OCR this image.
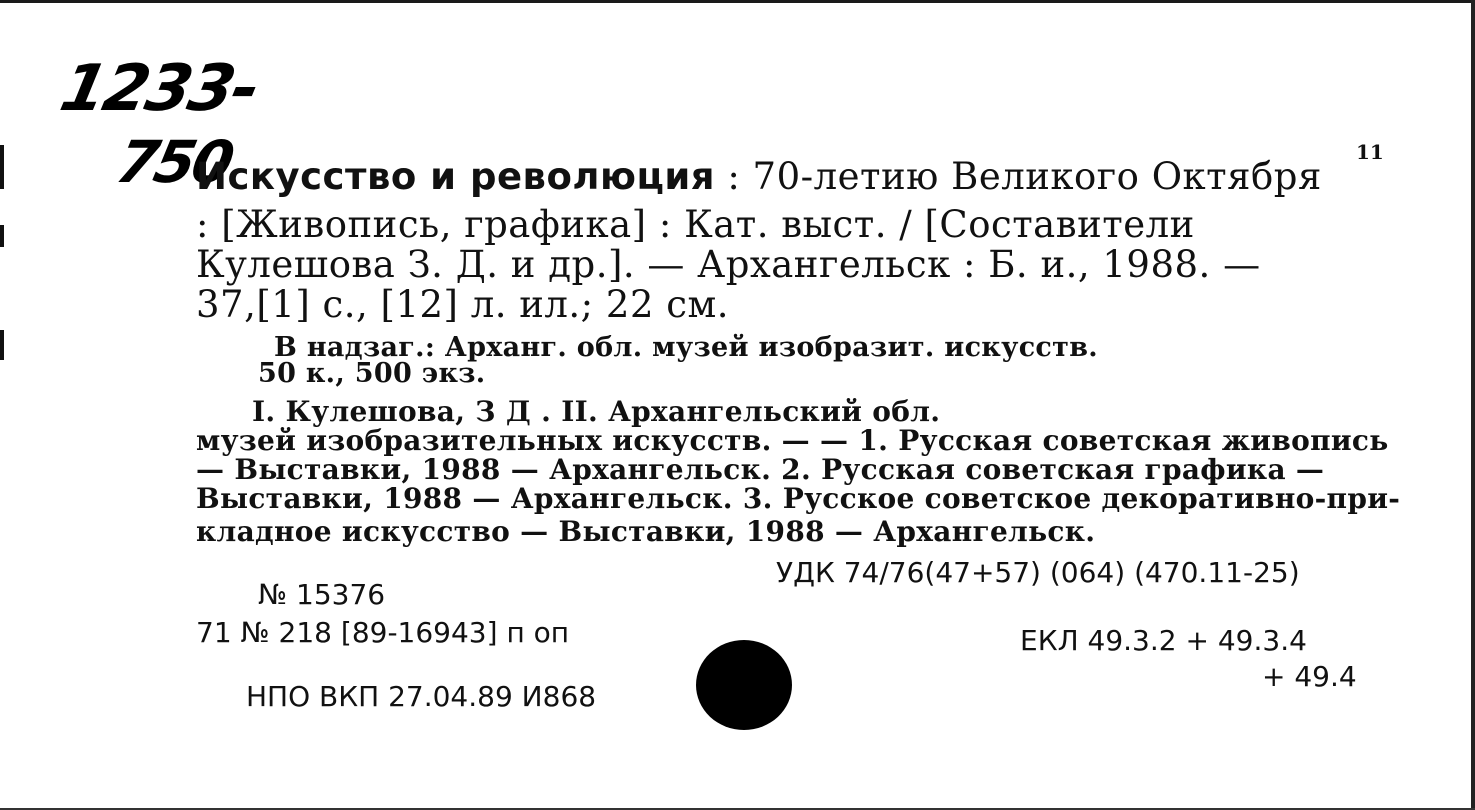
1233-
750	11
Искусство и революция : 70-летию Великого Октября
: [Живопись, графика] : Кат. выст. / [Составители
Кулешова З. Д. и др.]. — Архангельск : Б. и., 1988. —
37,[1] с., [12] л. ил.; 22 см.
В надзаг.: Арханг. обл. музей изобразит. искусств.
50 к., 500 экз.
I. Кулешова, З Д . II. Архангельский обл.
музей изобразительных искусств. — — 1. Русская советская живопись
— Выставки, 1988 — Архангельск. 2. Русская советская графика —
Выставки, 1988 — Архангельск. 3. Русское советское декоративно-при-
кладное искусство — Выставки, 1988 — Архангельск.
УДК 74/76(47+57) (064) (470.11-25)
№ 15376
71 № 218 [89-16943] п оп	ЕКЛ 49.3.2 + 49.3.4
+ 49.4
НПО ВКП 27.04.89 И868
